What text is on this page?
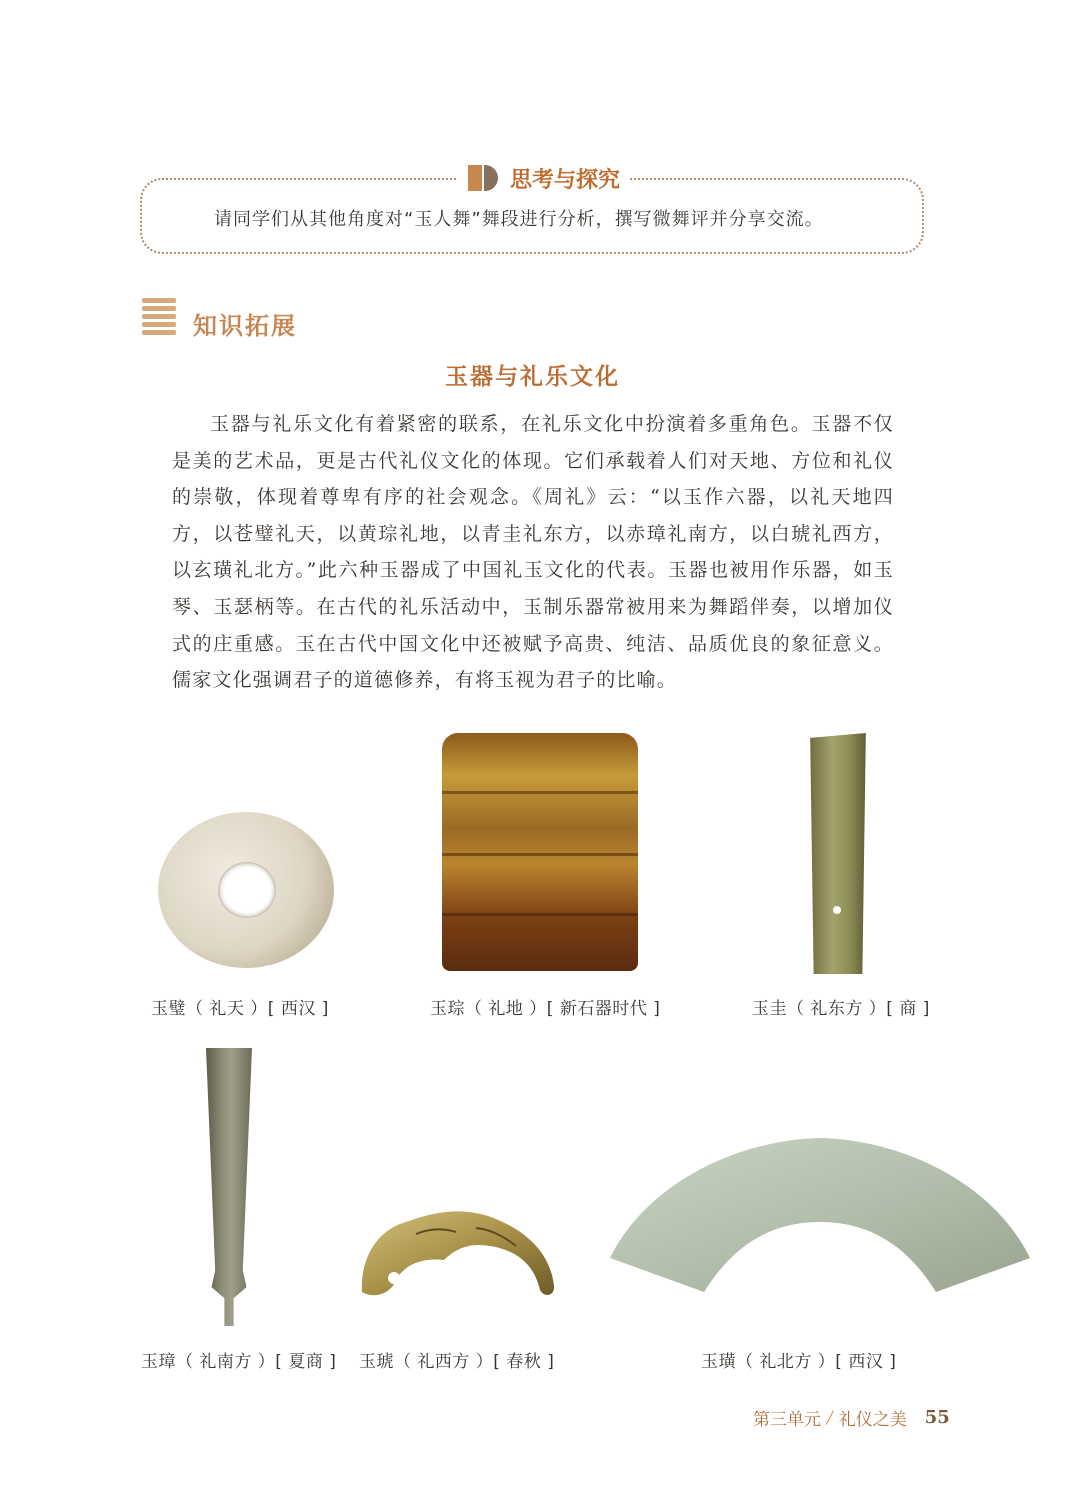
思考与探究
请同学们从其他角度对“玉人舞”舞段进行分析，撰写微舞评并分享交流。
知识拓展
玉器与礼乐文化

玉器与礼乐文化有着紧密的联系，在礼乐文化中扮演着多重角色。玉器不仅是美的艺术品，更是古代礼仪文化的体现。它们承载着人们对天地、方位和礼仪的崇敬，体现着尊卑有序的社会观念。《周礼》云：“以玉作六器，以礼天地四方，以苍璧礼天，以黄琮礼地，以青圭礼东方，以赤璋礼南方，以白琥礼西方，以玄璜礼北方。”此六种玉器成了中国礼玉文化的代表。玉器也被用作乐器，如玉琴、玉瑟柄等。在古代的礼乐活动中，玉制乐器常被用来为舞蹈伴奏，以增加仪式的庄重感。玉在古代中国文化中还被赋予高贵、纯洁、品质优良的象征意义。儒家文化强调君子的道德修养，有将玉视为君子的比喻。

玉璧（ 礼天 ）[ 西汉 ]	玉琮（ 礼地 ）[ 新石器时代 ]	玉圭（ 礼东方 ）[ 商 ]
玉璋（ 礼南方 ）[ 夏商 ] 玉琥（ 礼西方 ）[ 春秋 ]	玉璜（ 礼北方 ）[ 西汉 ]
第三单元 ∕ 礼仪之美 55
